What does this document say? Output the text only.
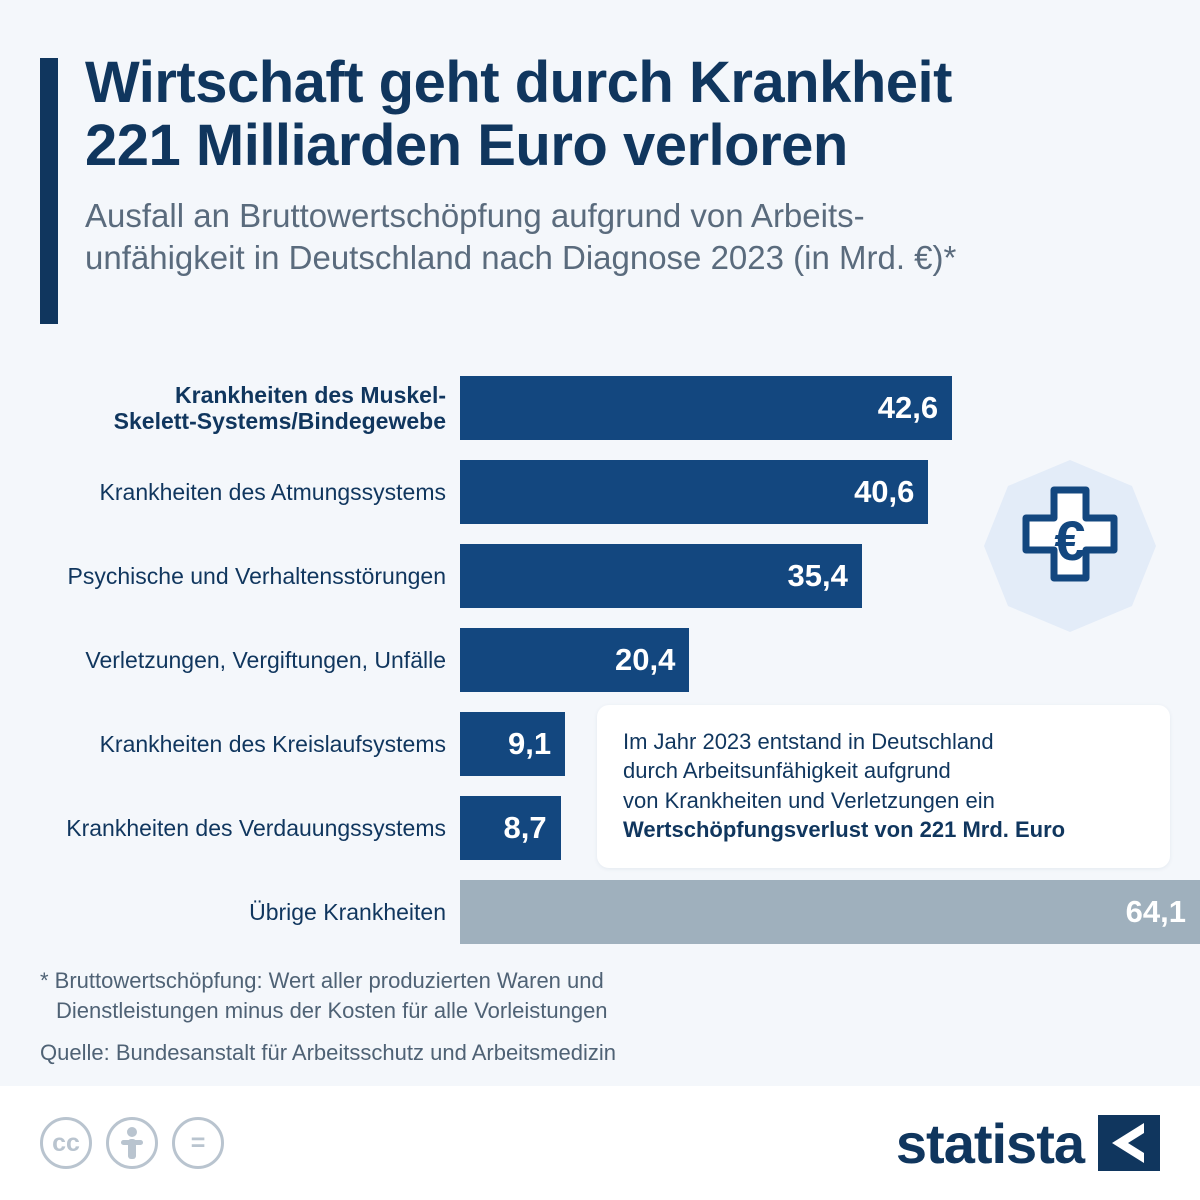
Wirtschaft geht durch Krankheit
221 Milliarden Euro verloren
Ausfall an Bruttowertschöpfung aufgrund von Arbeits-
unfähigkeit in Deutschland nach Diagnose 2023 (in Mrd. €)*
€
Krankheiten des Muskel-
Skelett-Systems/Bindegewebe	42,6
Krankheiten des Atmungssystems	40,6
Psychische und Verhaltensstörungen	35,4
Verletzungen, Vergiftungen, Unfälle	20,4
Krankheiten des Kreislaufsystems	9,1
Krankheiten des Verdauungssystems	8,7
Übrige Krankheiten	64,1

Im Jahr 2023 entstand in Deutschland

durch Arbeitsunfähigkeit aufgrund

von Krankheiten und Verletzungen ein

Wertschöpfungsverlust von 221 Mrd. Euro

* Bruttowertschöpfung: Wert aller produzierten Waren und
Dienstleistungen minus der Kosten für alle Vorleistungen
Quelle: Bundesanstalt für Arbeitsschutz und Arbeitsmedizin
cc	=	statista
